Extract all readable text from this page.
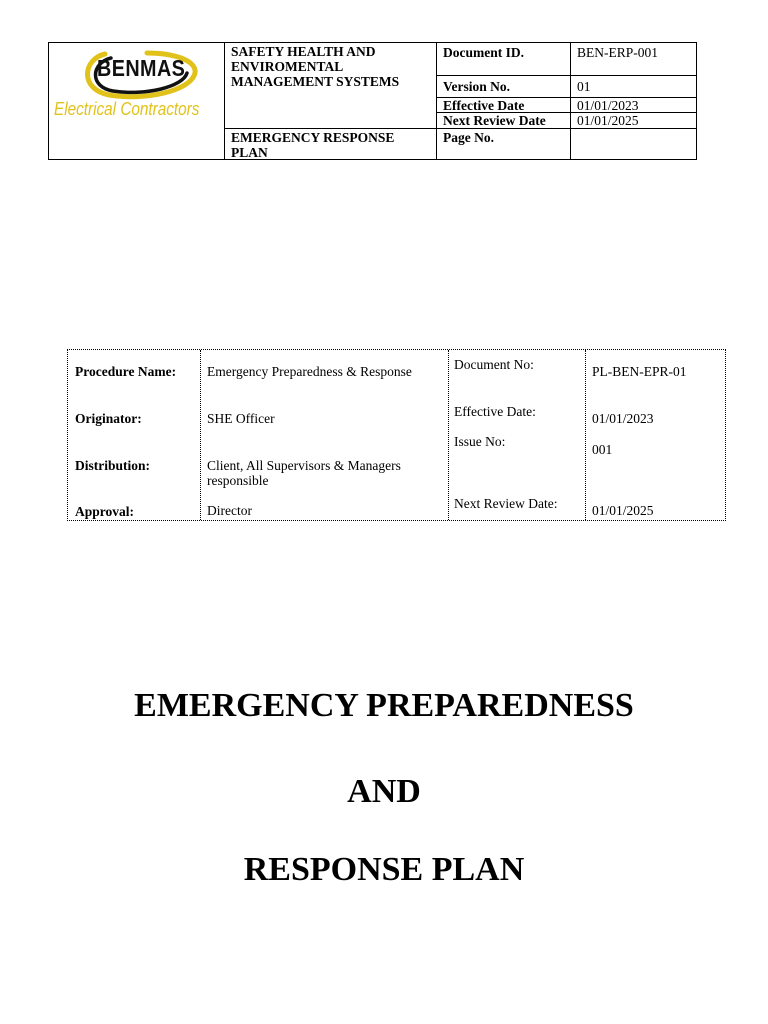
BENMAS
Electrical Contractors
SAFETY HEALTH AND ENVIROMENTAL MANAGEMENT SYSTEMS
EMERGENCY RESPONSE PLAN
Document ID.	BEN-ERP-001
Version No.	01
Effective Date	01/01/2023
Next Review Date	01/01/2025
Page No.
Procedure Name: Emergency Preparedness & Response
Originator:	SHE Officer
Distribution:	Client, All Supervisors & Managers responsible
Approval:	Director
Document No:	PL-BEN-EPR-01
Effective Date:	01/01/2023
Issue No:
001
Next Review Date:	01/01/2025
EMERGENCY PREPAREDNESS
AND
RESPONSE PLAN
